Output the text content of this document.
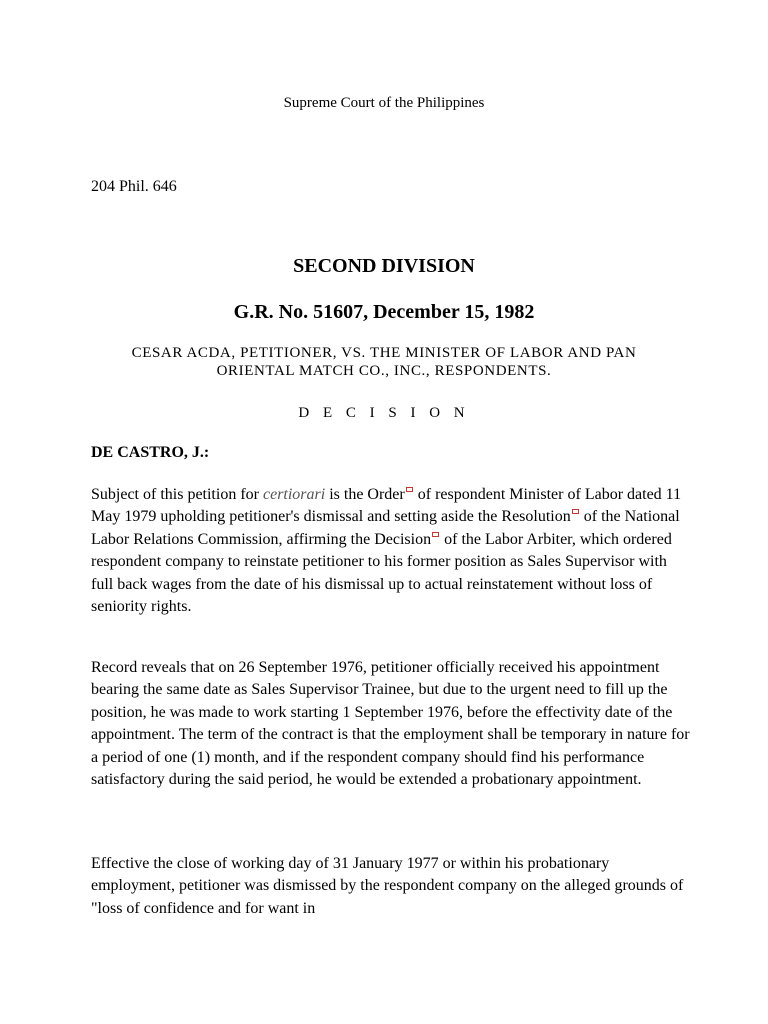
Supreme Court of the Philippines
204 Phil. 646
SECOND DIVISION
G.R. No. 51607, December 15, 1982
CESAR ACDA, PETITIONER, VS. THE MINISTER OF LABOR AND PAN ORIENTAL MATCH CO., INC., RESPONDENTS.
D E C I S I O N
DE CASTRO, J.:

Subject of this petition for certiorari is the Order of respondent Minister of Labor dated 11 May 1979 upholding petitioner's dismissal and setting aside the Resolution of the National Labor Relations Commission, affirming the Decision of the Labor Arbiter, which ordered respondent company to reinstate petitioner to his former position as Sales Supervisor with full back wages from the date of his dismissal up to actual reinstatement without loss of seniority rights.

Record reveals that on 26 September 1976, petitioner officially received his appointment bearing the same date as Sales Supervisor Trainee, but due to the urgent need to fill up the position, he was made to work starting 1 September 1976, before the effectivity date of the appointment. The term of the contract is that the employment shall be temporary in nature for a period of one (1) month, and if the respondent company should find his performance satisfactory during the said period, he would be extended a probationary appointment.

Effective the close of working day of 31 January 1977 or within his probationary employment, petitioner was dismissed by the respondent company on the alleged grounds of "loss of confidence and for want in
